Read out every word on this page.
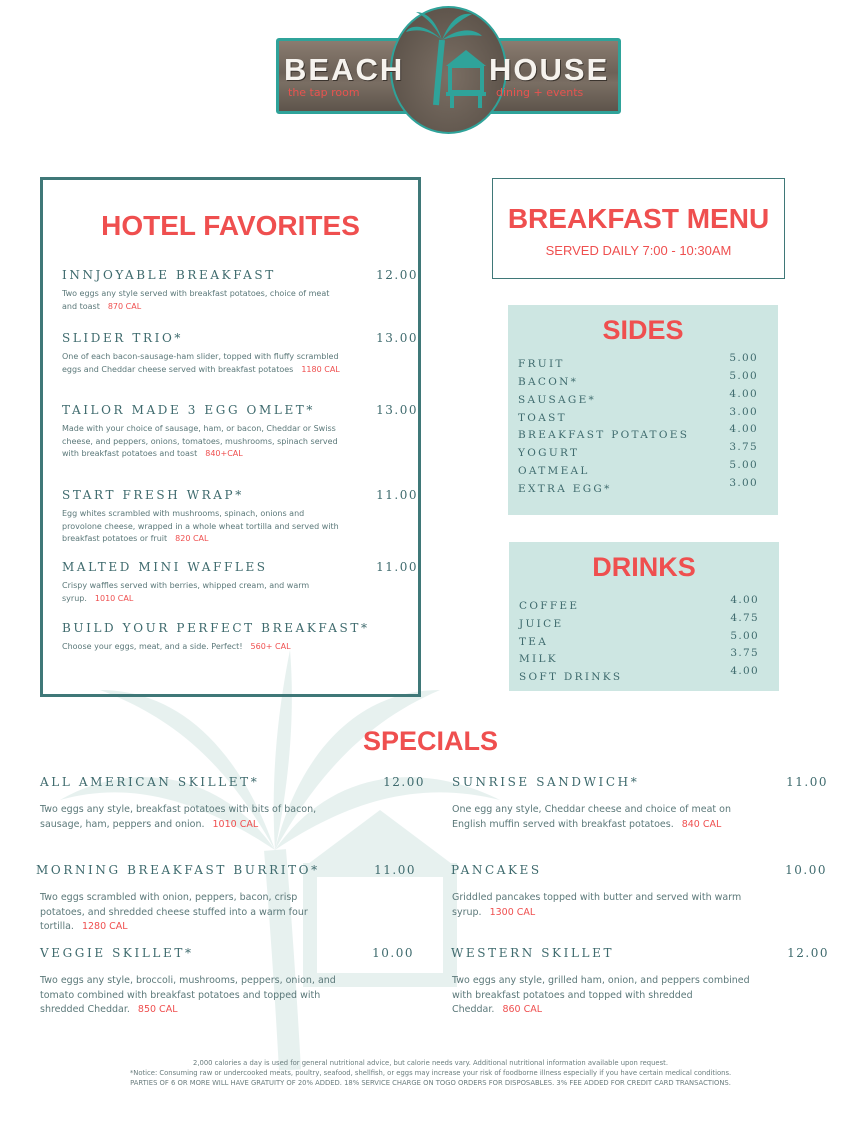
BEACH	HOUSE
the tap room	dining + events
HOTEL FAVORITES
INNJOYABLE BREAKFAST	12.00
Two eggs any style served with breakfast potatoes, choice of meat and toast 870 CAL
SLIDER TRIO*	13.00
One of each bacon-sausage-ham slider, topped with fluffy scrambled eggs and Cheddar cheese served with breakfast potatoes 1180 CAL
TAILOR MADE 3 EGG OMLET*	13.00
Made with your choice of sausage, ham, or bacon, Cheddar or Swiss cheese, and peppers, onions, tomatoes, mushrooms, spinach served with breakfast potatoes and toast 840+CAL
START FRESH WRAP*	11.00
Egg whites scrambled with mushrooms, spinach, onions and provolone cheese, wrapped in a whole wheat tortilla and served with breakfast potatoes or fruit 820 CAL
MALTED MINI WAFFLES	11.00
Crispy waffles served with berries, whipped cream, and warm syrup. 1010 CAL
BUILD YOUR PERFECT BREAKFAST*
Choose your eggs, meat, and a side. Perfect! 560+ CAL
BREAKFAST MENU
SERVED DAILY 7:00 - 10:30AM
SIDES
FRUIT	5.00
BACON*	5.00
SAUSAGE*	4.00
TOAST	3.00
BREAKFAST POTATOES	4.00
YOGURT	3.75
OATMEAL	5.00
EXTRA EGG*	3.00
DRINKS
COFFEE	4.00
JUICE	4.75
TEA	5.00
MILK	3.75
SOFT DRINKS	4.00
SPECIALS
ALL AMERICAN SKILLET*	12.00
Two eggs any style, breakfast potatoes with bits of bacon, sausage, ham, peppers and onion. 1010 CAL
SUNRISE SANDWICH*	11.00
One egg any style, Cheddar cheese and choice of meat on English muffin served with breakfast potatoes. 840 CAL
MORNING BREAKFAST BURRITO*	11.00
Two eggs scrambled with onion, peppers, bacon, crisp potatoes, and shredded cheese stuffed into a warm four tortilla. 1280 CAL
PANCAKES	10.00
Griddled pancakes topped with butter and served with warm syrup. 1300 CAL
VEGGIE SKILLET*	10.00
Two eggs any style, broccoli, mushrooms, peppers, onion, and tomato combined with breakfast potatoes and topped with shredded Cheddar. 850 CAL
WESTERN SKILLET	12.00
Two eggs any style, grilled ham, onion, and peppers combined with breakfast potatoes and topped with shredded Cheddar. 860 CAL
2,000 calories a day is used for general nutritional advice, but calorie needs vary. Additional nutritional information available upon request.
*Notice: Consuming raw or undercooked meats, poultry, seafood, shellfish, or eggs may increase your risk of foodborne illness especially if you have certain medical conditions.
PARTIES OF 6 OR MORE WILL HAVE GRATUITY OF 20% ADDED. 18% SERVICE CHARGE ON TOGO ORDERS FOR DISPOSABLES. 3% FEE ADDED FOR CREDIT CARD TRANSACTIONS.
